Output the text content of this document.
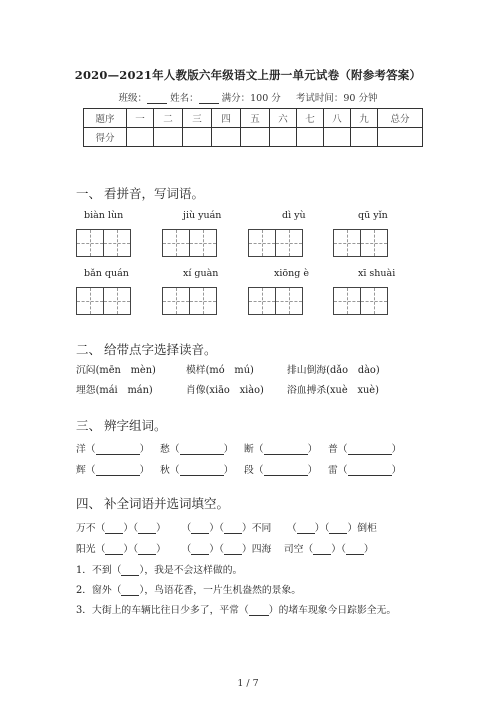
2020—2021年人教版六年级语文上册一单元试卷（附参考答案）
班级： 姓名： 满分：100 分 考试时间：90 分钟
题序	一	二	三	四	五	六	七	八	九	总分
得分										
一、 看拼音，写词语。
biàn lùn	jiù yuán	dì yù	qū yǐn
bǎn quán	xí guàn	xiōng è	xī shuài
二、 给带点字选择读音。
沉闷(mēn　mèn)	模样(mó　mú)	排山倒海(dǎo　dào)
埋怨(mái　mán)	肖像(xiāo　xiào) 浴血搏杀(xuè　xuè)
三、 辨字组词。
洋（	） 愁（	） 断（	） 普（	）
辉（	） 秋（	） 段（	） 雷（	）
四、 补全词语并选词填空。
万不（ ）（ ） （ ）（ ）不同 （ ）（ ）倒柜
阳光（ ）（ ） （ ）（ ）四海 司空（ ）（ ）
1．不到（ ），我是不会这样做的。
2．窗外（ ），鸟语花香，一片生机盎然的景象。
3．大街上的车辆比往日少多了，平常（ ）的堵车现象今日踪影全无。
1 / 7
